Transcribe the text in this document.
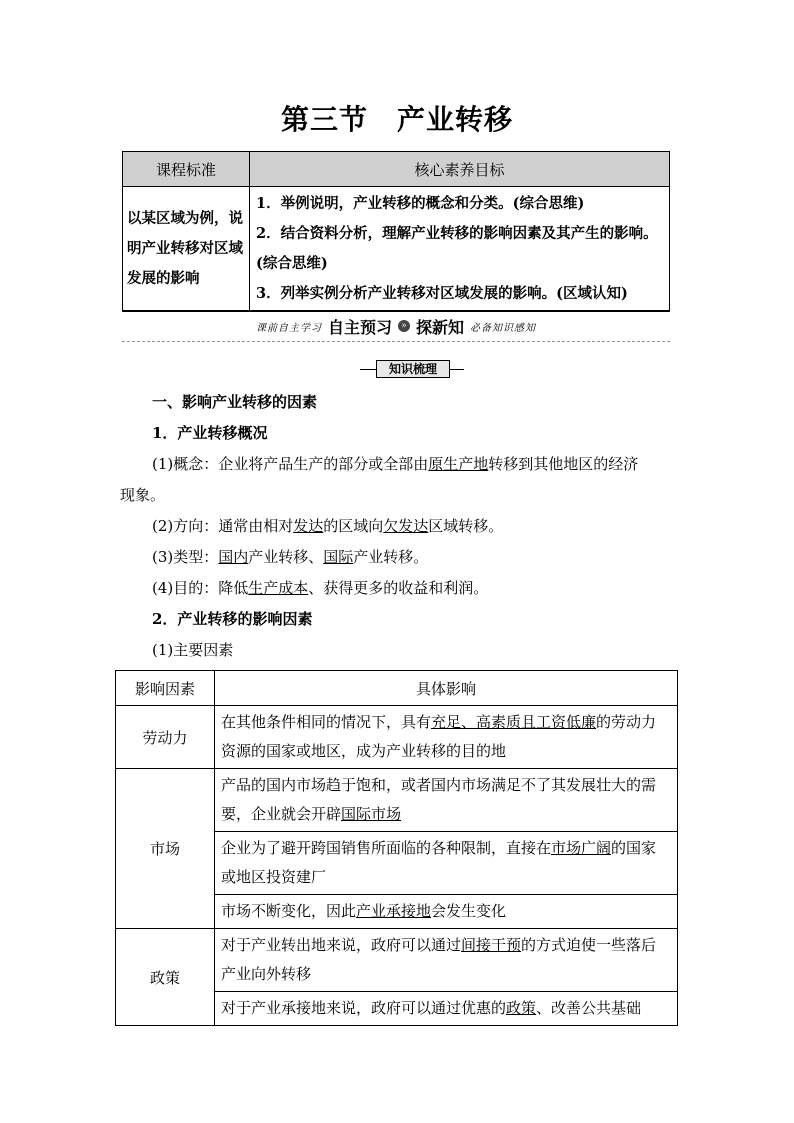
第三节　产业转移
课程标准	核心素养目标
以某区域为例，说明产业转移对区域发展的影响	1．举例说明，产业转移的概念和分类。(综合思维)
2．结合资料分析，理解产业转移的影响因素及其产生的影响。(综合思维)
3．列举实例分析产业转移对区域发展的影响。(区域认知)
课前自主学习 自主预习	» 探新知 必备知识感知
知识梳理
一、影响产业转移的因素
1．产业转移概况
(1)概念：企业将产品生产的部分或全部由原生产地转移到其他地区的经济
现象。
(2)方向：通常由相对发达的区域向欠发达区域转移。
(3)类型：国内产业转移、国际产业转移。
(4)目的：降低生产成本、获得更多的收益和利润。
2．产业转移的影响因素
(1)主要因素
影响因素	具体影响
劳动力	在其他条件相同的情况下，具有充足、高素质且工资低廉的劳动力资源的国家或地区，成为产业转移的目的地
市场	产品的国内市场趋于饱和，或者国内市场满足不了其发展壮大的需要，企业就会开辟国际市场
	企业为了避开跨国销售所面临的各种限制，直接在市场广阔的国家或地区投资建厂
	市场不断变化，因此产业承接地会发生变化
政策	对于产业转出地来说，政府可以通过间接干预的方式迫使一些落后产业向外转移
	对于产业承接地来说，政府可以通过优惠的政策、改善公共基础
